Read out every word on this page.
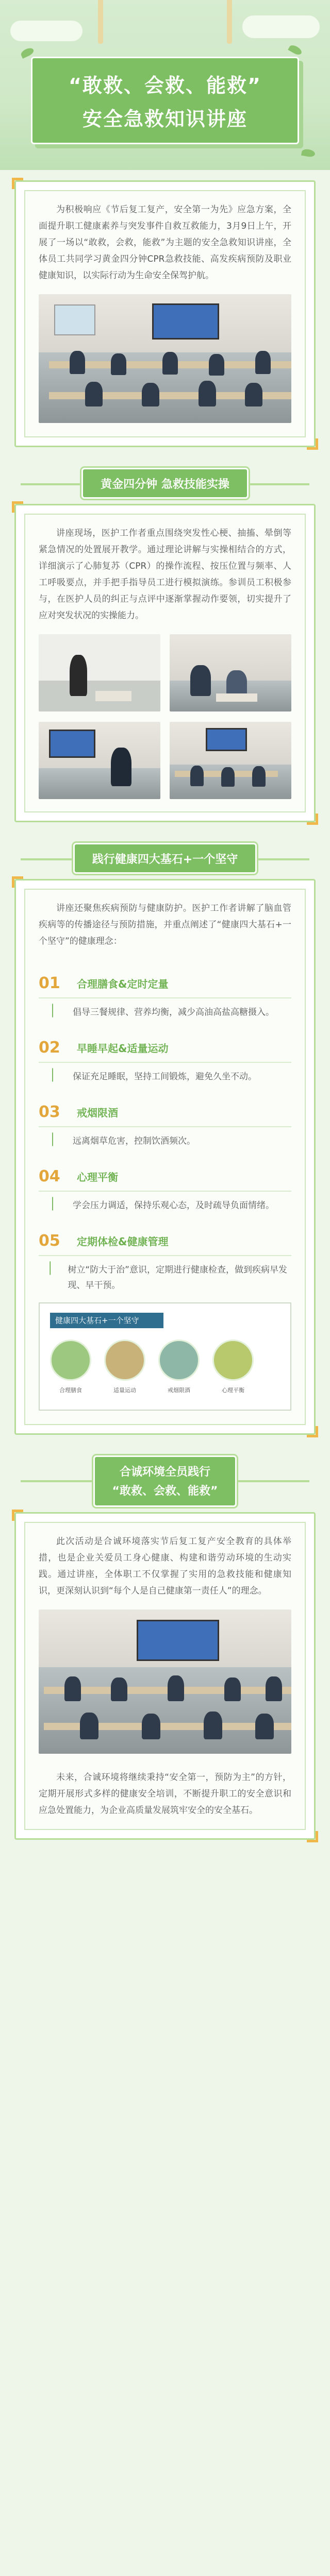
“敢救、会救、能救”
安全急救知识讲座

为积极响应《节后复工复产，安全第一为先》应急方案，全面提升职工健康素养与突发事件自救互救能力，3月9日上午，开展了一场以“敢救，会救，能救”为主题的安全急救知识讲座，全体员工共同学习黄金四分钟CPR急救技能、高发疾病预防及职业健康知识，以实际行动为生命安全保驾护航。

黄金四分钟 急救技能实操

讲座现场，医护工作者重点围绕突发性心梗、抽搐、晕倒等紧急情况的处置展开教学。通过理论讲解与实操相结合的方式，详细演示了心肺复苏（CPR）的操作流程、按压位置与频率、人工呼吸要点，并手把手指导员工进行模拟演练。参训员工积极参与，在医护人员的纠正与点评中逐渐掌握动作要领，切实提升了应对突发状况的实操能力。

践行健康四大基石+一个坚守

讲座还聚焦疾病预防与健康防护。医护工作者讲解了脑血管疾病等的传播途径与预防措施，并重点阐述了“健康四大基石+一个坚守”的健康理念：

01	合理膳食&定时定量
│	倡导三餐规律、营养均衡，减少高油高盐高糖摄入。
02	早睡早起&适量运动
│	保证充足睡眠，坚持工间锻炼，避免久坐不动。
03	戒烟限酒
│	远离烟草危害，控制饮酒频次。
04	心理平衡
│	学会压力调适，保持乐观心态，及时疏导负面情绪。
05	定期体检&健康管理
│	树立“防大于治”意识，定期进行健康检查，做到疾病早发现、早干预。
健康四大基石+一个坚守
合理膳食	适量运动	戒烟限酒	心理平衡
合诚环境全员践行
“敢救、会救、能救”

此次活动是合诚环境落实节后复工复产安全教育的具体举措，也是企业关爱员工身心健康、构建和谐劳动环境的生动实践。通过讲座，全体职工不仅掌握了实用的急救技能和健康知识，更深刻认识到“每个人是自己健康第一责任人”的理念。

未来，合诚环境将继续秉持“安全第一，预防为主”的方针，定期开展形式多样的健康安全培训，不断提升职工的安全意识和应急处置能力，为企业高质量发展筑牢安全的安全基石。
